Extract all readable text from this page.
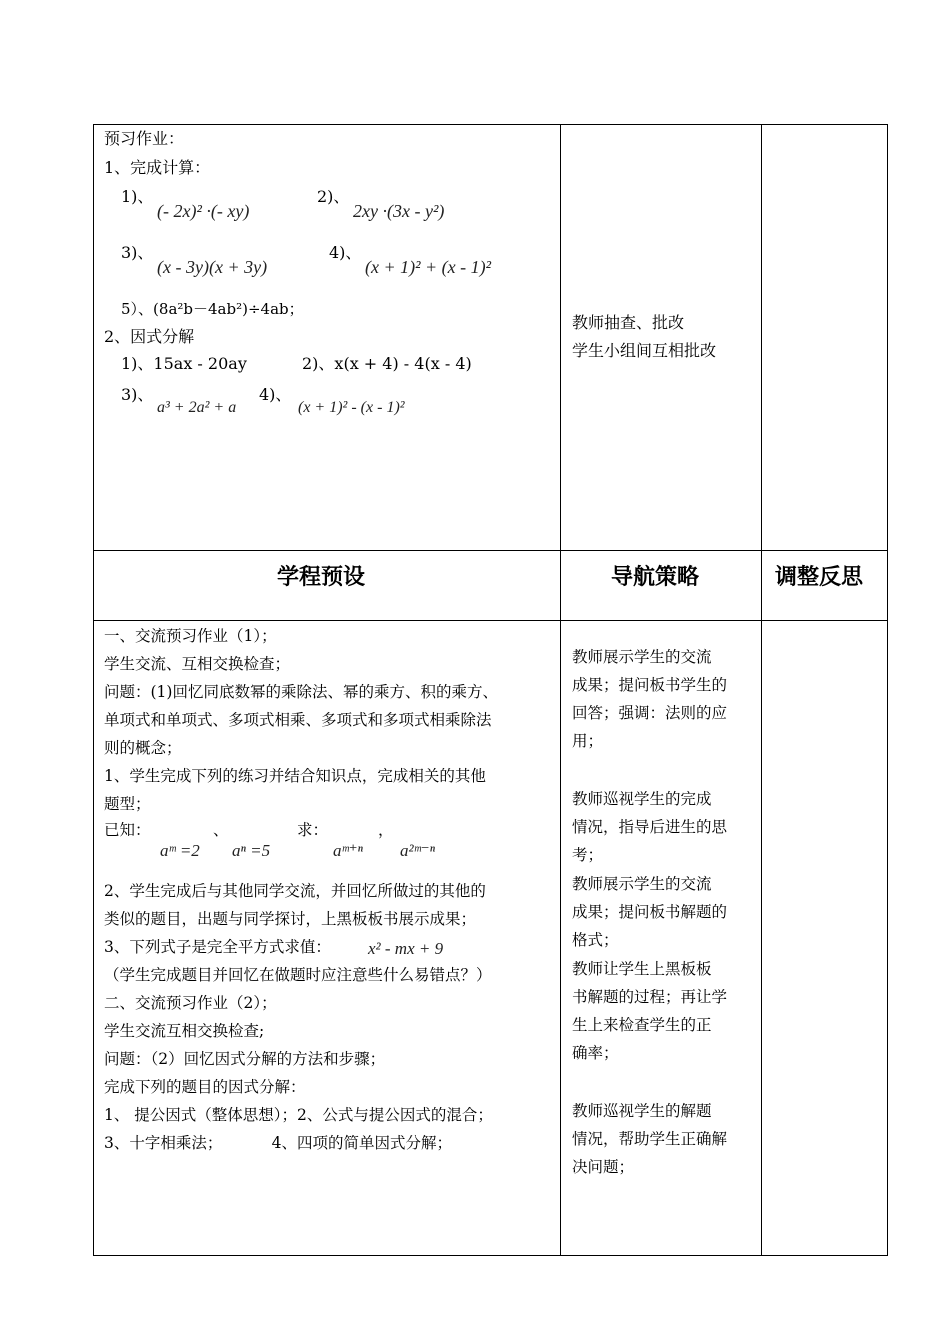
预习作业：
1、完成计算：
1)、
(- 2x)² ·(- xy)
2)、
2xy ·(3x - y²)
3)、
(x - 3y)(x + 3y)
4)、
(x + 1)² + (x - 1)²
5）、(8a²b－4ab²)÷4ab；
2、因式分解
1)、15ax - 20ay	2)、x(x + 4) - 4(x - 4)
3)、
a³ + 2a² + a
4)、
(x + 1)² - (x - 1)²
教师抽查、批改
学生小组间互相批改
学程预设	导航策略	调整反思
一、交流预习作业（1）；
学生交流、互相交换检查；
问题：(1)回忆同底数幂的乘除法、幂的乘方、积的乘方、
单项式和单项式、多项式相乘、多项式和多项式相乘除法
则的概念；
1、学生完成下列的练习并结合知识点，完成相关的其他
题型；
已知：	、	求：	，
aᵐ =2 aⁿ =5	aᵐ⁺ⁿ a²ᵐ⁻ⁿ
2、学生完成后与其他同学交流，并回忆所做过的其他的
类似的题目，出题与同学探讨，上黑板板书展示成果；
3、下列式子是完全平方式求值： x² - mx + 9
（学生完成题目并回忆在做题时应注意些什么易错点？）
二、交流预习作业（2）；
学生交流互相交换检查;
问题：（2）回忆因式分解的方法和步骤；
完成下列的题目的因式分解：
1、 提公因式（整体思想）；2、公式与提公因式的混合；
3、十字相乘法；          4、四项的简单因式分解；
教师展示学生的交流
成果；提问板书学生的
回答；强调：法则的应
用；
教师巡视学生的完成
情况，指导后进生的思
考；
教师展示学生的交流
成果；提问板书解题的
格式；
教师让学生上黑板板
书解题的过程；再让学
生上来检查学生的正
确率；
教师巡视学生的解题
情况，帮助学生正确解
决问题；
